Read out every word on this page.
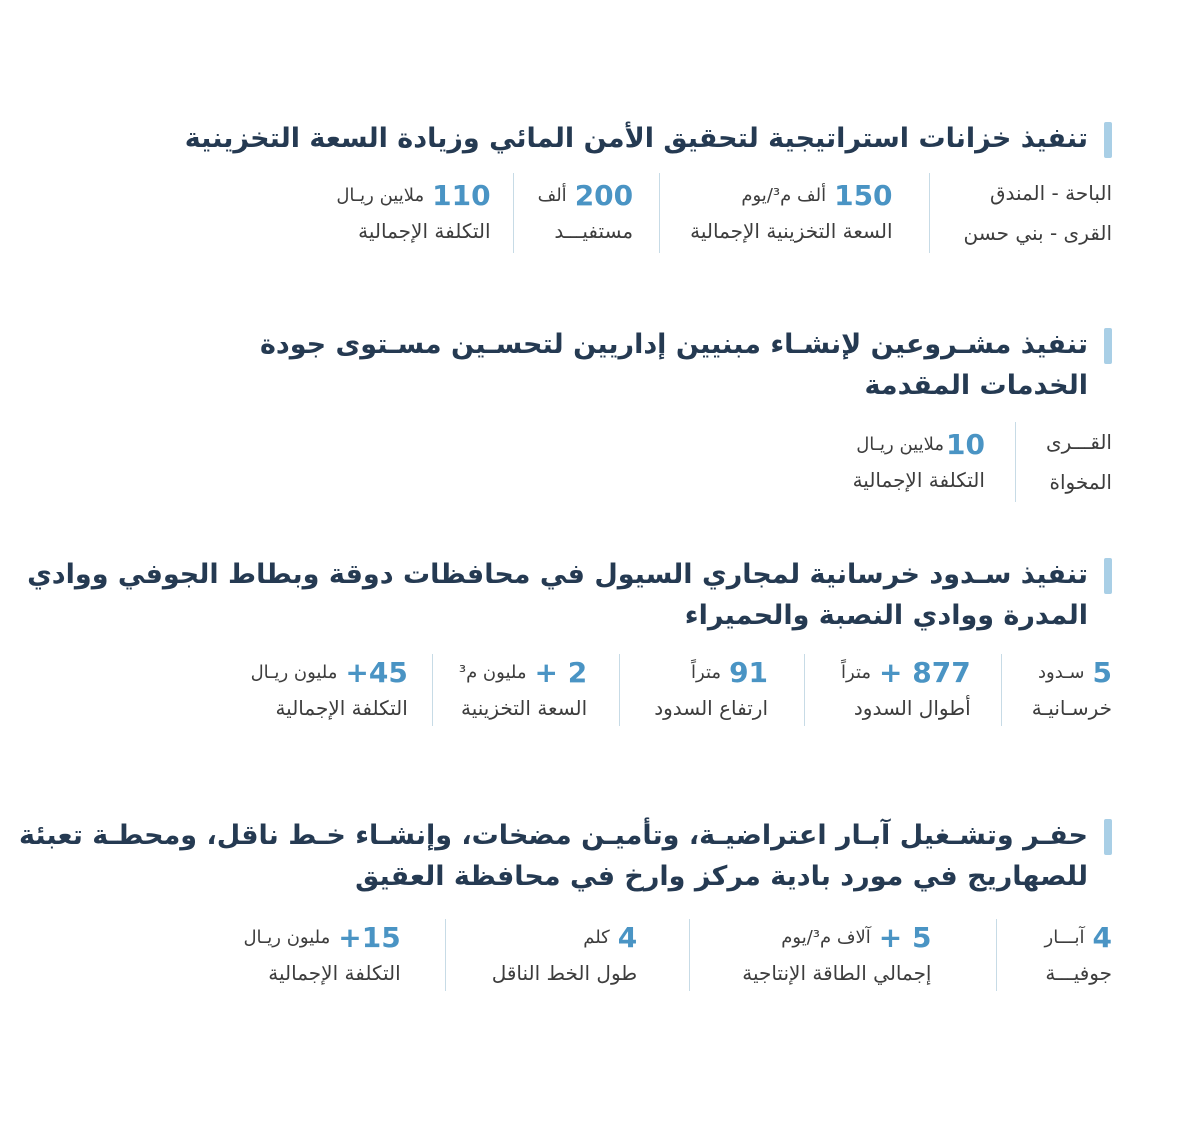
تنفيذ خزانات استراتيجية لتحقيق الأمن المائي وزيادة السعة التخزينية
الباحة - المندق
القرى - بني حسن
150
ألف م³/يوم
السعة التخزينية الإجمالية
200
ألف
مستفيـــد
110
ملايين ريـال
التكلفة الإجمالية
تنفيذ مشـروعين لإنشـاء مبنيين إداريين لتحسـين مسـتوى جودة
الخدمات المقدمة
القـــرى
المخواة
10
ملايين ريـال
التكلفة الإجمالية
تنفيذ سـدود خرسانية لمجاري السيول في محافظات دوقة وبطاط الجوفي ووادي
المدرة ووادي النصبة والحميراء
5
سـدود
خرسـانيـة
+ 877
متراً
أطوال السدود
91
متراً
ارتفاع السدود
+ 2
مليون م³
السعة التخزينية
+45
مليون ريـال
التكلفة الإجمالية
حفـر وتشـغيل آبـار اعتراضيـة، وتأميـن مضخات، وإنشـاء خـط ناقل، ومحطـة تعبئة
للصهاريج في مورد بادية مركز وارخ في محافظة العقيق
4
آبـــار
جوفيـــة
+ 5
آلاف م³/يوم
إجمالي الطاقة الإنتاجية
4
كلم
طول الخط الناقل
+15
مليون ريـال
التكلفة الإجمالية
